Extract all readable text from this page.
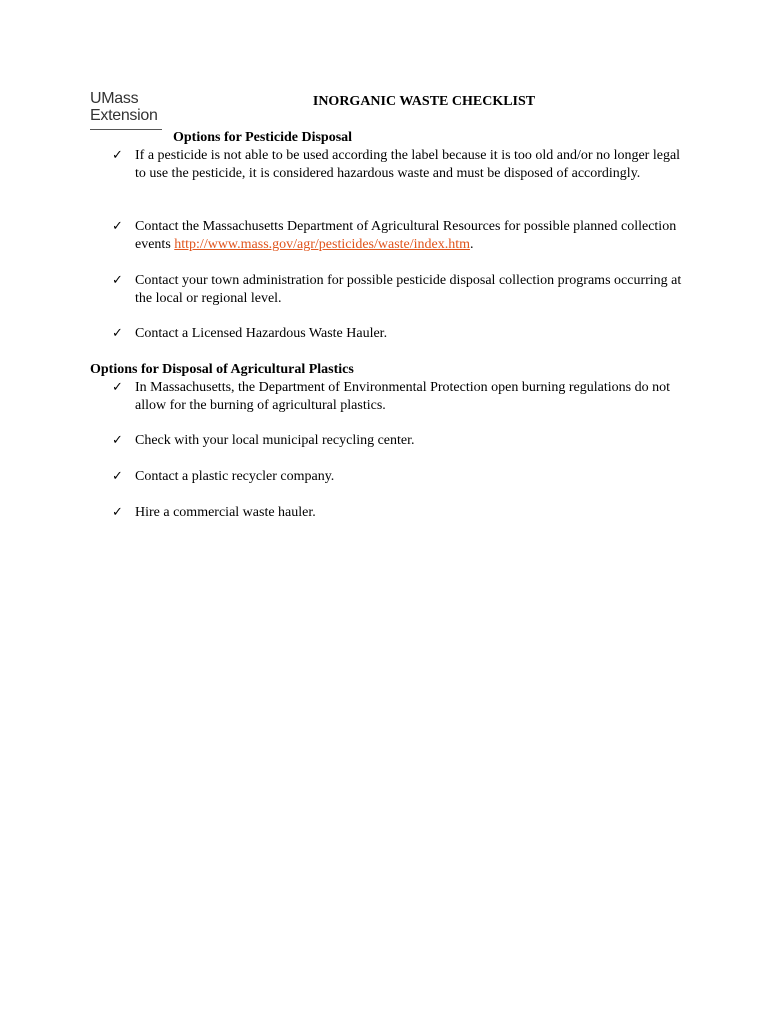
UMass
Extension
INORGANIC WASTE CHECKLIST
Options for Pesticide Disposal
✓ If a pesticide is not able to be used according the label because it is too old and/or no longer legal to use the pesticide, it is considered hazardous waste and must be disposed of accordingly.
✓ Contact the Massachusetts Department of Agricultural Resources for possible planned collection events http://www.mass.gov/agr/pesticides/waste/index.htm.
✓ Contact your town administration for possible pesticide disposal collection programs occurring at the local or regional level.
✓ Contact a Licensed Hazardous Waste Hauler.
Options for Disposal of Agricultural Plastics
✓ In Massachusetts, the Department of Environmental Protection open burning regulations do not allow for the burning of agricultural plastics.
✓ Check with your local municipal recycling center.
✓ Contact a plastic recycler company.
✓ Hire a commercial waste hauler.
